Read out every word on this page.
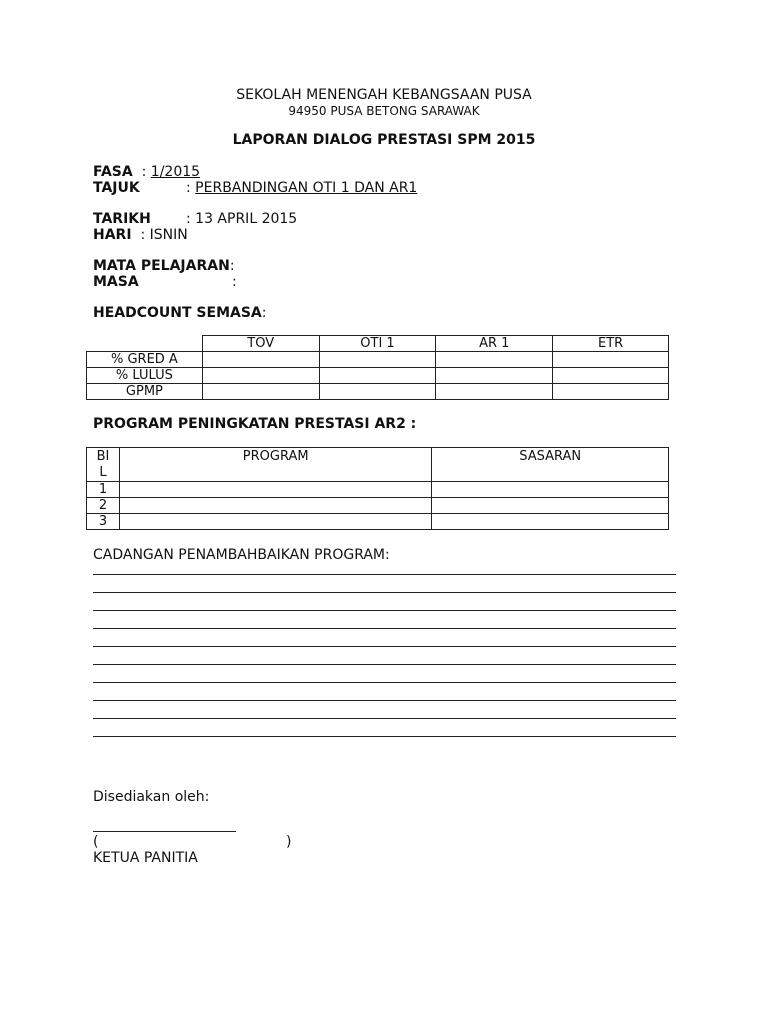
SEKOLAH MENENGAH KEBANGSAAN PUSA
94950 PUSA BETONG SARAWAK
LAPORAN DIALOG PRESTASI SPM 2015
FASA  : 1/2015
TAJUK	: PERBANDINGAN OTI 1 DAN AR1
TARIKH	: 13 APRIL 2015
HARI  : ISNIN
MATA PELAJARAN:
MASA	:
HEADCOUNT SEMASA:
	TOV	OTI 1	AR 1	ETR
% GRED A				
% LULUS				
GPMP				
PROGRAM PENINGKATAN PRESTASI AR2 :
BI
L	PROGRAM	SASARAN
1		
2		
3		
CADANGAN PENAMBAHBAIKAN PROGRAM:
Disediakan oleh:
(	)
KETUA PANITIA
